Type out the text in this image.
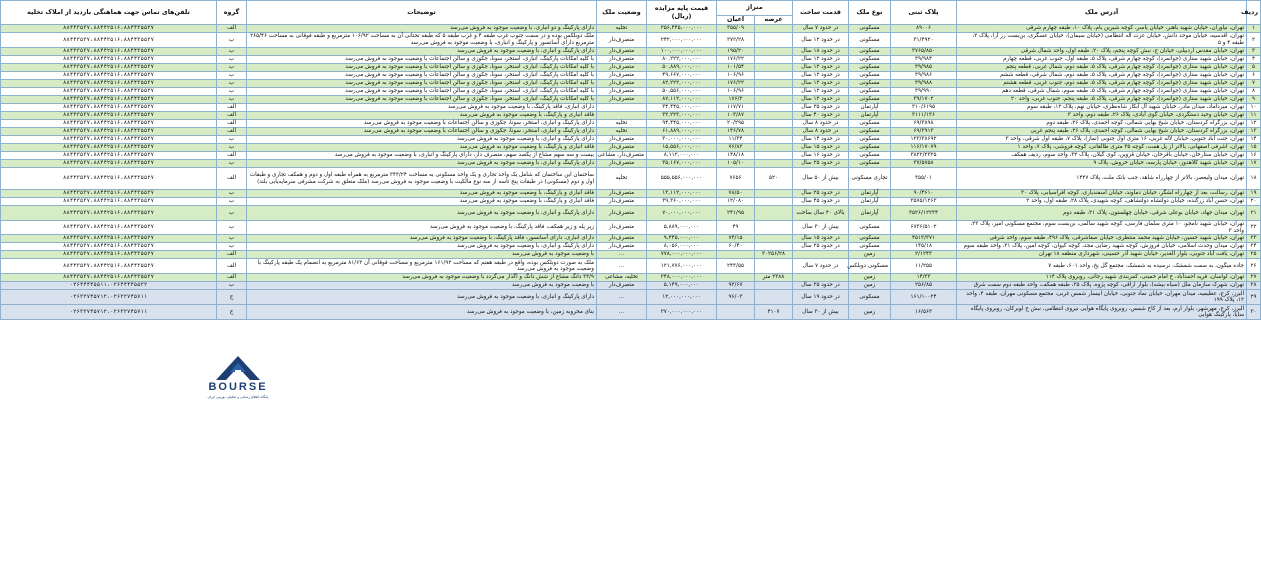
ردیف	آدرس ملک	پلاک ثبتی	نوع ملک	قدمت ساخت	متراژ		قیمت پایه مزایده (ریال)	وضعیت ملک	توضیحات	گروه	تلفن‌های تماس جهت هماهنگی بازدید از املاک تخلیه
					عرصه	اعیان					
۱	تهران، نیاوران، خیابان شهید باهنر، خیابان یاسر، کوچه شیرین بام، پلاک ۱۰، طبقه چهارم شرقی	۸۹۰۰۶	مسکونی	در حدود ۷ سال		۳۵۵/۰۹	۲۵۶,۴۴۵,۰۰۰,۰۰۰	تخلیه	دارای پارکینگ و دو انباری، با وضعیت موجود به فروش می‌رسد	الف	۸۸۴۴۳۵۳۷،۸۸۴۴۲۵۱۶،۸۸۴۴۳۵۵۲۷
۲	تهران، اقدسیه، خیابان موحد دانش، خیابان عزت اله انتظامی (خیابان سیمان)، خیابان عسگری، بن‌بست رز آرا، پلاک ۲، طبقه ۴ و ۵	۳۱/۴۹۲۰	مسکونی	در حدود ۱۲ سال		۳۷۲/۲۸	۲۴۲,۰۰۰,۰۰۰,۰۰۰	متصرف‌دار	ملک دوبلکس بوده و در سمت جنوب غرب طبقه ۴ و غرب طبقه ۵ که طبقه تحتانی آن به مساحت ۱۰۶/۹۲ مترمربع و طبقه فوقانی به مساحت ۲۶۵/۴۶ مترمربع دارای آسانسور و پارکینگ و انباری، با وضعیت موجود به فروش می‌رسد	ب	۸۸۴۴۳۵۳۷،۸۸۴۴۲۵۱۶،۸۸۴۴۳۵۵۲۷
۳	تهران، خیابان مقدس اردبیلی، خیابان ج، نبش کوچه پنجم، پلاک ۲۰، طبقه اول، واحد شمال شرقی	۳۷۶۵/۸۵۰	مسکونی	در حدود ۱۸ سال		۱۹۵/۲۰	۱۰۰,۰۰۰,۰۰۰,۰۰۰	متصرف‌دار	دارای پارکینگ و انباری، با وضعیت موجود به فروش می‌رسد	ب	۸۸۴۴۳۵۳۷،۸۸۴۴۲۵۱۶،۸۸۴۴۳۵۵۲۷
۴	تهران، خیابان شهید ستاری (جوانمرد)، کوچه چهارم شرقی، پلاک ۵، طبقه اول، جنوب غربی، قطعه چهارم	۳۹/۹۸۴	مسکونی	در حدود ۱۲ سال		۱۷۶/۲۲	۸۰,۲۲۲,۰۰۰,۰۰۰	متصرف‌دار	با کلیه امکانات پارکینگ، انباری، استخر، سونا، جکوزی و سالن اجتماعات با وضعیت موجود به فروش می‌رسد	ب	۸۸۴۴۳۵۳۷،۸۸۴۴۲۵۱۶،۸۸۴۴۳۵۵۲۷
۵	تهران، خیابان شهید ستاری (جوانمرد)، کوچه چهارم شرقی، پلاک ۵، طبقه دوم، شمال غربی، قطعه پنجم	۳۹/۹۸۵	مسکونی	در حدود ۱۲ سال		۱۰۱/۵۴	۵۰,۸۸۹,۰۰۰,۰۰۰	متصرف‌دار	با کلیه امکانات پارکینگ، انباری، استخر، سونا، جکوزی و سالن اجتماعات با وضعیت موجود به فروش می‌رسد	ب	۸۸۴۴۳۵۳۷،۸۸۴۴۲۵۱۶،۸۸۴۴۳۵۵۲۷
۶	تهران، خیابان شهید ستاری (جوانمرد)، کوچه چهارم شرقی، پلاک ۵، طبقه دوم، شمال شرقی، قطعه ششم	۳۹/۹۸۶	مسکونی	در حدود ۱۲ سال		۱۰۶/۹۶	۴۹,۶۶۷,۰۰۰,۰۰۰	متصرف‌دار	با کلیه امکانات پارکینگ، انباری، استخر، سونا، جکوزی و سالن اجتماعات با وضعیت موجود به فروش می‌رسد	ب	۸۸۴۴۳۵۳۷،۸۸۴۴۲۵۱۶،۸۸۴۴۳۵۵۲۷
۷	تهران، خیابان شهید ستاری (جوانمرد)، کوچه چهارم شرقی، پلاک ۵، طبقه دوم، جنوب غربی، قطعه هشتم	۳۹/۹۸۸	مسکونی	در حدود ۱۲ سال		۱۷۶/۲۲	۸۲,۲۲۲,۰۰۰,۰۰۰	متصرف‌دار	با کلیه امکانات پارکینگ، انباری، استخر، سونا، جکوزی و سالن اجتماعات با وضعیت موجود به فروش می‌رسد	ب	۸۸۴۴۳۵۳۷،۸۸۴۴۲۵۱۶،۸۸۴۴۳۵۵۲۷
۸	تهران، خیابان شهید ستاری (جوانمرد)، کوچه چهارم شرقی، پلاک ۵، طبقه سوم، شمال شرقی، قطعه دهم	۳۹/۹۹۰	مسکونی	در حدود ۱۲ سال		۱۰۶/۹۶	۵۰,۵۵۶,۰۰۰,۰۰۰	متصرف‌دار	با کلیه امکانات پارکینگ، انباری، استخر، سونا، جکوزی و سالن اجتماعات با وضعیت موجود به فروش می‌رسد	ب	۸۸۴۴۳۵۳۷،۸۸۴۴۲۵۱۶،۸۸۴۴۳۵۵۲۷
۹	تهران، خیابان شهید ستاری (جوانمرد)، کوچه چهارم شرقی، پلاک ۵، طبقه پنجم، جنوب غربی، واحد ۲۰	۳۹/۱۷۰۲	مسکونی	در حدود ۱۲ سال		۱۷۶/۲	۸۷,۱۱۲,۰۰۰,۰۰۰	متصرف‌دار	با کلیه امکانات پارکینگ، انباری، استخر، سونا، جکوزی و سالن اجتماعات با وضعیت موجود به فروش می‌رسد	ب	۸۸۴۴۳۵۳۷،۸۸۴۴۲۵۱۶،۸۸۴۴۳۵۵۲۷
۱۰	تهران، میرداماد، میدان مادر، خیابان شهید آل آبکار شاه‌نظری، خیابان نهم، پلاک ۱۲، طبقه سوم	۳۱۰/۶۱۹۵	آپارتمان	در حدود ۳۵ سال		۱۱۷/۷۱	۳۴,۴۴۵,۰۰۰,۰۰۰		دارای انباری، فاقد پارکینگ، با وضعیت موجود به فروش می‌رسد	الف	۸۸۴۴۳۵۳۷،۸۸۴۴۲۵۱۶،۸۸۴۴۳۵۵۲۷
۱۱	تهران، خیابان وحید دستگردی، خیابان گوی آبادی، پلاک ۲۶، طبقه دوم، واحد ۳	۳۱۱۱/۱۳۶	آپارتمان	در حدود ۴۰ سال		۱۰۳/۸۷	۳۲,۲۲۳,۰۰۰,۰۰۰		فاقد انباری و پارکینگ، با وضعیت موجود به فروش می‌رسد	الف	۸۸۴۴۳۵۳۷،۸۸۴۴۲۵۱۶،۸۸۴۴۳۵۵۲۷
۱۲	تهران، بزرگراه کردستان، خیابان شیخ بهایی شمالی، کوچه احمدی، پلاک ۲۶، طبقه دوم	۶۹/۳۸۹۸	مسکونی	در حدود ۸ سال		۲۰/۲۹۵	۹۴,۴۴۵,۰۰۰,۰۰۰	تخلیه	دارای پارکینگ و انباری، استخر، سونا، جکوزی و سالن اجتماعات با وضعیت موجود به فروش می‌رسد	الف	۸۸۴۴۳۵۳۷،۸۸۴۴۲۵۱۶،۸۸۴۴۳۵۵۲۷
۱۳	تهران، بزرگراه کردستان، خیابان شیخ بهایی شمالی، کوچه احمدی، پلاک ۲۶، طبقه پنجم غربی	۶۹/۳۹۱۳	مسکونی	در حدود ۸ سال		۱۴۶/۷۸	۶۱,۸۸۹,۰۰۰,۰۰۰	تخلیه	دارای پارکینگ و انباری، استخر، سونا، جکوزی و سالن اجتماعات با وضعیت موجود به فروش می‌رسد	الف	۸۸۴۴۳۵۳۷،۸۸۴۴۲۵۱۶،۸۸۴۴۳۵۵۲۷
۱۴	تهران، جنت آباد جنوبی، خیابان لاله غربی، ۱۶ متری اول جنوبی (نماز)، پلاک ۷، طبقه اول شرقی، واحد ۳	۱۲۳/۳۸۶۹۲	مسکونی	در حدود ۱۴ سال		۱۱/۳۴	۳۰,۰۰۰,۰۰۰,۰۰۰	متصرف‌دار	دارای پارکینگ و انباری، با وضعیت موجود به فروش می‌رسد	ب	۸۸۴۴۳۵۳۷،۸۸۴۴۲۵۱۶،۸۸۴۴۳۵۵۲۷
۱۵	تهران، اشرفی اصفهانی، بالاتر از پل همت، کوچه ۳۵ متری طالقانی، کوچه فروشی، پلاک ۷، واحد ۱	۱۱۶/۱۷۰۷۹	مسکونی	در حدود ۱۵ سال		۷۶/۸۲	۱۵,۵۵۶,۰۰۰,۰۰۰	متصرف‌دار	فاقد انباری و پارکینگ، با وضعیت موجود به فروش می‌رسد	ب	۸۸۴۴۳۵۳۷،۸۸۴۴۲۵۱۶،۸۸۴۴۳۵۵۲۷
۱۶	تهران، خیابان ستارخان، خیابان باقرخان، خیابان قزوین، کوی گیلان، پلاک ۳۲، واحد سوم، ردیف همکف	۳۸۲۲/۲۳۲۵	مسکونی	در حدود ۱۶ سال		۱۴۸/۱۸	۸,۱۱۲,۰۰۰,۰۰۰	متصرف‌دار، مشاعی	بیست و سه سهم مشاع از یکصد سهم، متصرف دار، دارای پارکینگ و انباری، با وضعیت موجود به فروش می‌رسد	الف	۸۸۴۴۳۵۳۷،۸۸۴۴۲۵۱۶،۸۸۴۴۳۵۵۲۷
۱۷	تهران، خیابان شهید کلاهدوز، خیابان پارسه، خیابان خروش، پلاک ۹	۳۷/۵۷۵۸	مسکونی	در حدود ۲۵ سال		۱۰۵/۱۰	۳۵,۱۶۷,۰۰۰,۰۰۰	متصرف‌دار	دارای پارکینگ و انباری، با وضعیت موجود به فروش می‌رسد	ب	۸۸۴۴۳۵۳۷،۸۸۴۴۲۵۱۶،۸۸۴۴۳۵۵۲۷
۱۸	تهران، میدان ولیعصر، بالاتر از چهارراه شاهد، جنب بانک ملت، پلاک ۱۴۴۷	۳۵۵/۰۱	تجاری مسکونی	بیش از ۵۰ سال	۵۲۰	۷۶۵۶	۵۵۵,۵۵۶,۰۰۰,۰۰۰	تخلیه	ساختمان این ساختمان که شامل یک واحد تجاری و یک واحد مسکونی به مساحت ۳۴۳/۲۴ مترمربع به همراه طبقه اول و دوم و همکف تجاری و طبقات اول و دوم (مسکونی) در طبقات پنج تاسه از سه نوع مالکیت با وضعیت موجود به فروش می‌رسد (ملک متعلق به شرکت مشرفی سرمایه‌یابی بلند)	الف	۸۸۴۴۳۵۳۷،۸۸۴۴۲۵۱۶،۸۸۴۴۳۵۵۲۷
۱۹	تهران، رسالت، بعد از چهارراه لشگر، خیابان دماوند، خیابان اسفندیاری، کوچه افراسیابی، پلاک ۳۰	۹۰/۴۶۱۰	آپارتمان	در حدود ۲۵ سال		۷۸/۵۰	۱۳,۱۱۲,۰۰۰,۰۰۰	متصرف‌دار	فاقد انباری و پارکینگ، با وضعیت موجود به فروش می‌رسد	ب	۸۸۴۴۳۵۳۷،۸۸۴۴۲۵۱۶،۸۸۴۴۳۵۵۲۷
۲۰	تهران، حسن آباد زرگنده، خیابان دولتشاه دولتشاهی، کوچه شهیدی، پلاک ۲۸، طبقه اول، واحد ۲	۳۵۷۵/۱۲۶۳	آپارتمان	در حدود ۴۵ سال		۱۲/۰۸۰	۳۹,۳۶۰,۰۰۰,۰۰۰	متصرف‌دار	فاقد انباری و پارکینگ، با وضعیت موجود به فروش می‌رسد	ب	۸۸۴۴۳۵۳۷،۸۸۴۴۲۵۱۶،۸۸۴۴۳۵۵۲۷
۲۱	تهران، میدان جهاد، خیابان بوعلی شرقی، خیابان چهلستون، پلاک ۳۱، طبقه دوم	۳۵۲۶/۱۲۲۳۴	آپارتمان	بالای ۴۰ سال ساخت		۲۴۱/۹۵	۷۰,۰۰۰,۰۰۰,۰۰۰	متصرف‌دار	دارای پارکینگ و انباری، با وضعیت موجود به فروش می‌رسد	ب	۸۸۴۴۳۵۳۷،۸۸۴۴۲۵۱۶،۸۸۴۴۳۵۵۲۷
۲۲	تهران، خیابان شهید نامجو، ۱۰ متری سلمان فارسی، کوچه شهید سالمی، بن‌بست سوم، مجتمع مسکونی امیر، پلاک ۲۳، واحد ۳	۶۷۳۶/۵۱۰۲	مسکونی	بیش از ۳۰ سال		۴۹	۵,۸۸۹,۰۰۰,۰۰۰	متصرف‌دار	زیر پله و زیر همکف، فاقد پارکینگ، با وضعیت موجود به فروش می‌رسد	ب	۸۸۴۴۳۵۳۷،۸۸۴۴۲۵۱۶،۸۸۴۴۳۵۵۲۷
۲۳	تهران، خیابان شهید حسین، خیابان شهید محمد منتظری، خیابان صفاشرقی، پلاک ۴۹۶، طبقه سوم، واحد شرقی	۴۵۱۳/۳۷۱	مسکونی	در حدود ۱۵ سال		۷۴/۱۵	۹,۴۴۵,۰۰۰,۰۰۰	متصرف‌دار	دارای انباری، دارای آسانسور، فاقد پارکینگ، با وضعیت موجود به فروش می‌رسد	ب	۸۸۴۴۳۵۳۷،۸۸۴۴۲۵۱۶،۸۸۴۴۳۵۵۲۷
۲۴	تهران، میدان وحدت اسلامی، خیابان فروزش، کوچه شهید رضایی مجد، کوچه کیوان، کوچه امین، پلاک ۲۱، واحد طبقه سوم	۱۴۵/۱۸	مسکونی	در حدود ۲۵ سال		۶۰/۴۰	۸,۰۵۶,۰۰۰,۰۰۰	متصرف‌دار	دارای پارکینگ و انباری، با وضعیت موجود به فروش می‌رسد	ب	۸۸۴۴۳۵۳۷،۸۸۴۴۲۵۱۶،۸۸۴۴۳۵۵۲۷
۲۵	تهران، یافت آباد جنوبی، بلوار الغدیر، خیابان شهید آذر حسینی، شهرداری منطقه ۱۸ تهران	۲/۱۲۴۳	زمین		۳۰۲۵۶/۲۸		۷۷۸,۰۰۰,۰۰۰,۰۰۰	...	با وضعیت موجود به فروش می‌رسد	الف	۸۸۴۴۳۵۳۷،۸۸۴۴۲۵۱۶،۸۸۴۴۳۵۵۲۷
۲۶	جاده میگون، به سمت شمشک، نرسیده به شمشک، مجتمع گل یخ، واحد ۶۰۱، طبقه ۷	۱۱/۲۵۵	مسکونی دوبلکس	در حدود ۷ سال		۲۴۳/۵۵	۱۲۱,۷۷۶,۰۰۰,۰۰۰	...	ملک به صورت دوبلکس بوده، واقع در طبقه هفتم که مساحت ۱۶۱/۹۲ مترمربع و مساحت فوقانی آن ۸۱/۶۳ مترمربع به انضمام یک طبقه پارکینگ با وضعیت موجود به فروش می‌رسد	الف	۸۸۴۴۳۵۳۷،۸۸۴۴۲۵۱۶،۸۸۴۴۳۵۵۲۷
۲۷	تهران، لواسان، قریه احمدآباد، خ امام خمینی، کمربندی شهید رجائی، روبروی پلاک ۱۱۴	۱۴/۳۳	زمین		۲۳۸۸ متر		۲۴۸,۰۰۰,۰۰۰,۰۰۰	تخلیه، مشاعی	۳۳/۹ دانگ مشاع از شش دانگ و اگذار می‌گردد با وضعیت موجود به فروش می‌رسد	الف	۸۸۴۴۳۵۳۷،۸۸۴۴۲۵۱۶،۸۸۴۴۳۵۵۲۷
۲۸	تهران، شهرک سازمان ملل (سیاه بیشه)، بلوار اراقی، کوچه پژوه، پلاک ۲۵، طبقه همکف، واحد طبقه دوم سمت شرق	۲۵۶/۸۵	زمین	در حدود ۲۵ سال		۹۲/۶۷	۵,۱۴۹,۰۰۰,۰۰۰	متصرف‌دار	با وضعیت موجود به فروش می‌رسد	ب	۰۲۶۴۴۴۴۵۵۱۱،۰۲۶۴۴۴۴۵۵۲۲
۲۹	البرز، کرج، عظیمیه، میدان مهران، خیابان نماد جنوبی، خیابان ابیسار شمس غربی، مجتمع مسکونی مهران، طبقه ۴، واحد ۱۲، پلاک ۱۹۹	۱۶۱/۱۰۰۲۴	مسکونی	در حدود ۱۹ سال		۹۶/۰۳	۱۲,۰۰۰,۰۰۰,۰۰۰	...	دارای پارکینگ و انباری، با وضعیت موجود به فروش می‌رسد	ج	۰۲۶۳۲۷۴۵۷۱۲،۰۲۶۳۲۷۴۵۷۱۱
۳۰	البرز، کرج، مهرشهر، بلوار ارم، بعد از کاخ شمس، روبروی پایگاه هوایی نیروی انتظامی، نبش خ لوبرکان، روبروی پایگاه سایا، پارکینگ هوایی	۱۶/۵۶۳	زمین	بیش از ۳۰ سال	۴۱۰۷		۳۷۰,۰۰۰,۰۰۰,۰۰۰	...	بنای مخروبه زمین، با وضعیت موجود به فروش می‌رسد	ج	۰۲۶۳۲۷۴۵۷۱۲،۰۲۶۳۲۷۴۵۷۱۱
BOURSE
پایگاه اطلاع رسانی و تحلیلی بورس ایران
